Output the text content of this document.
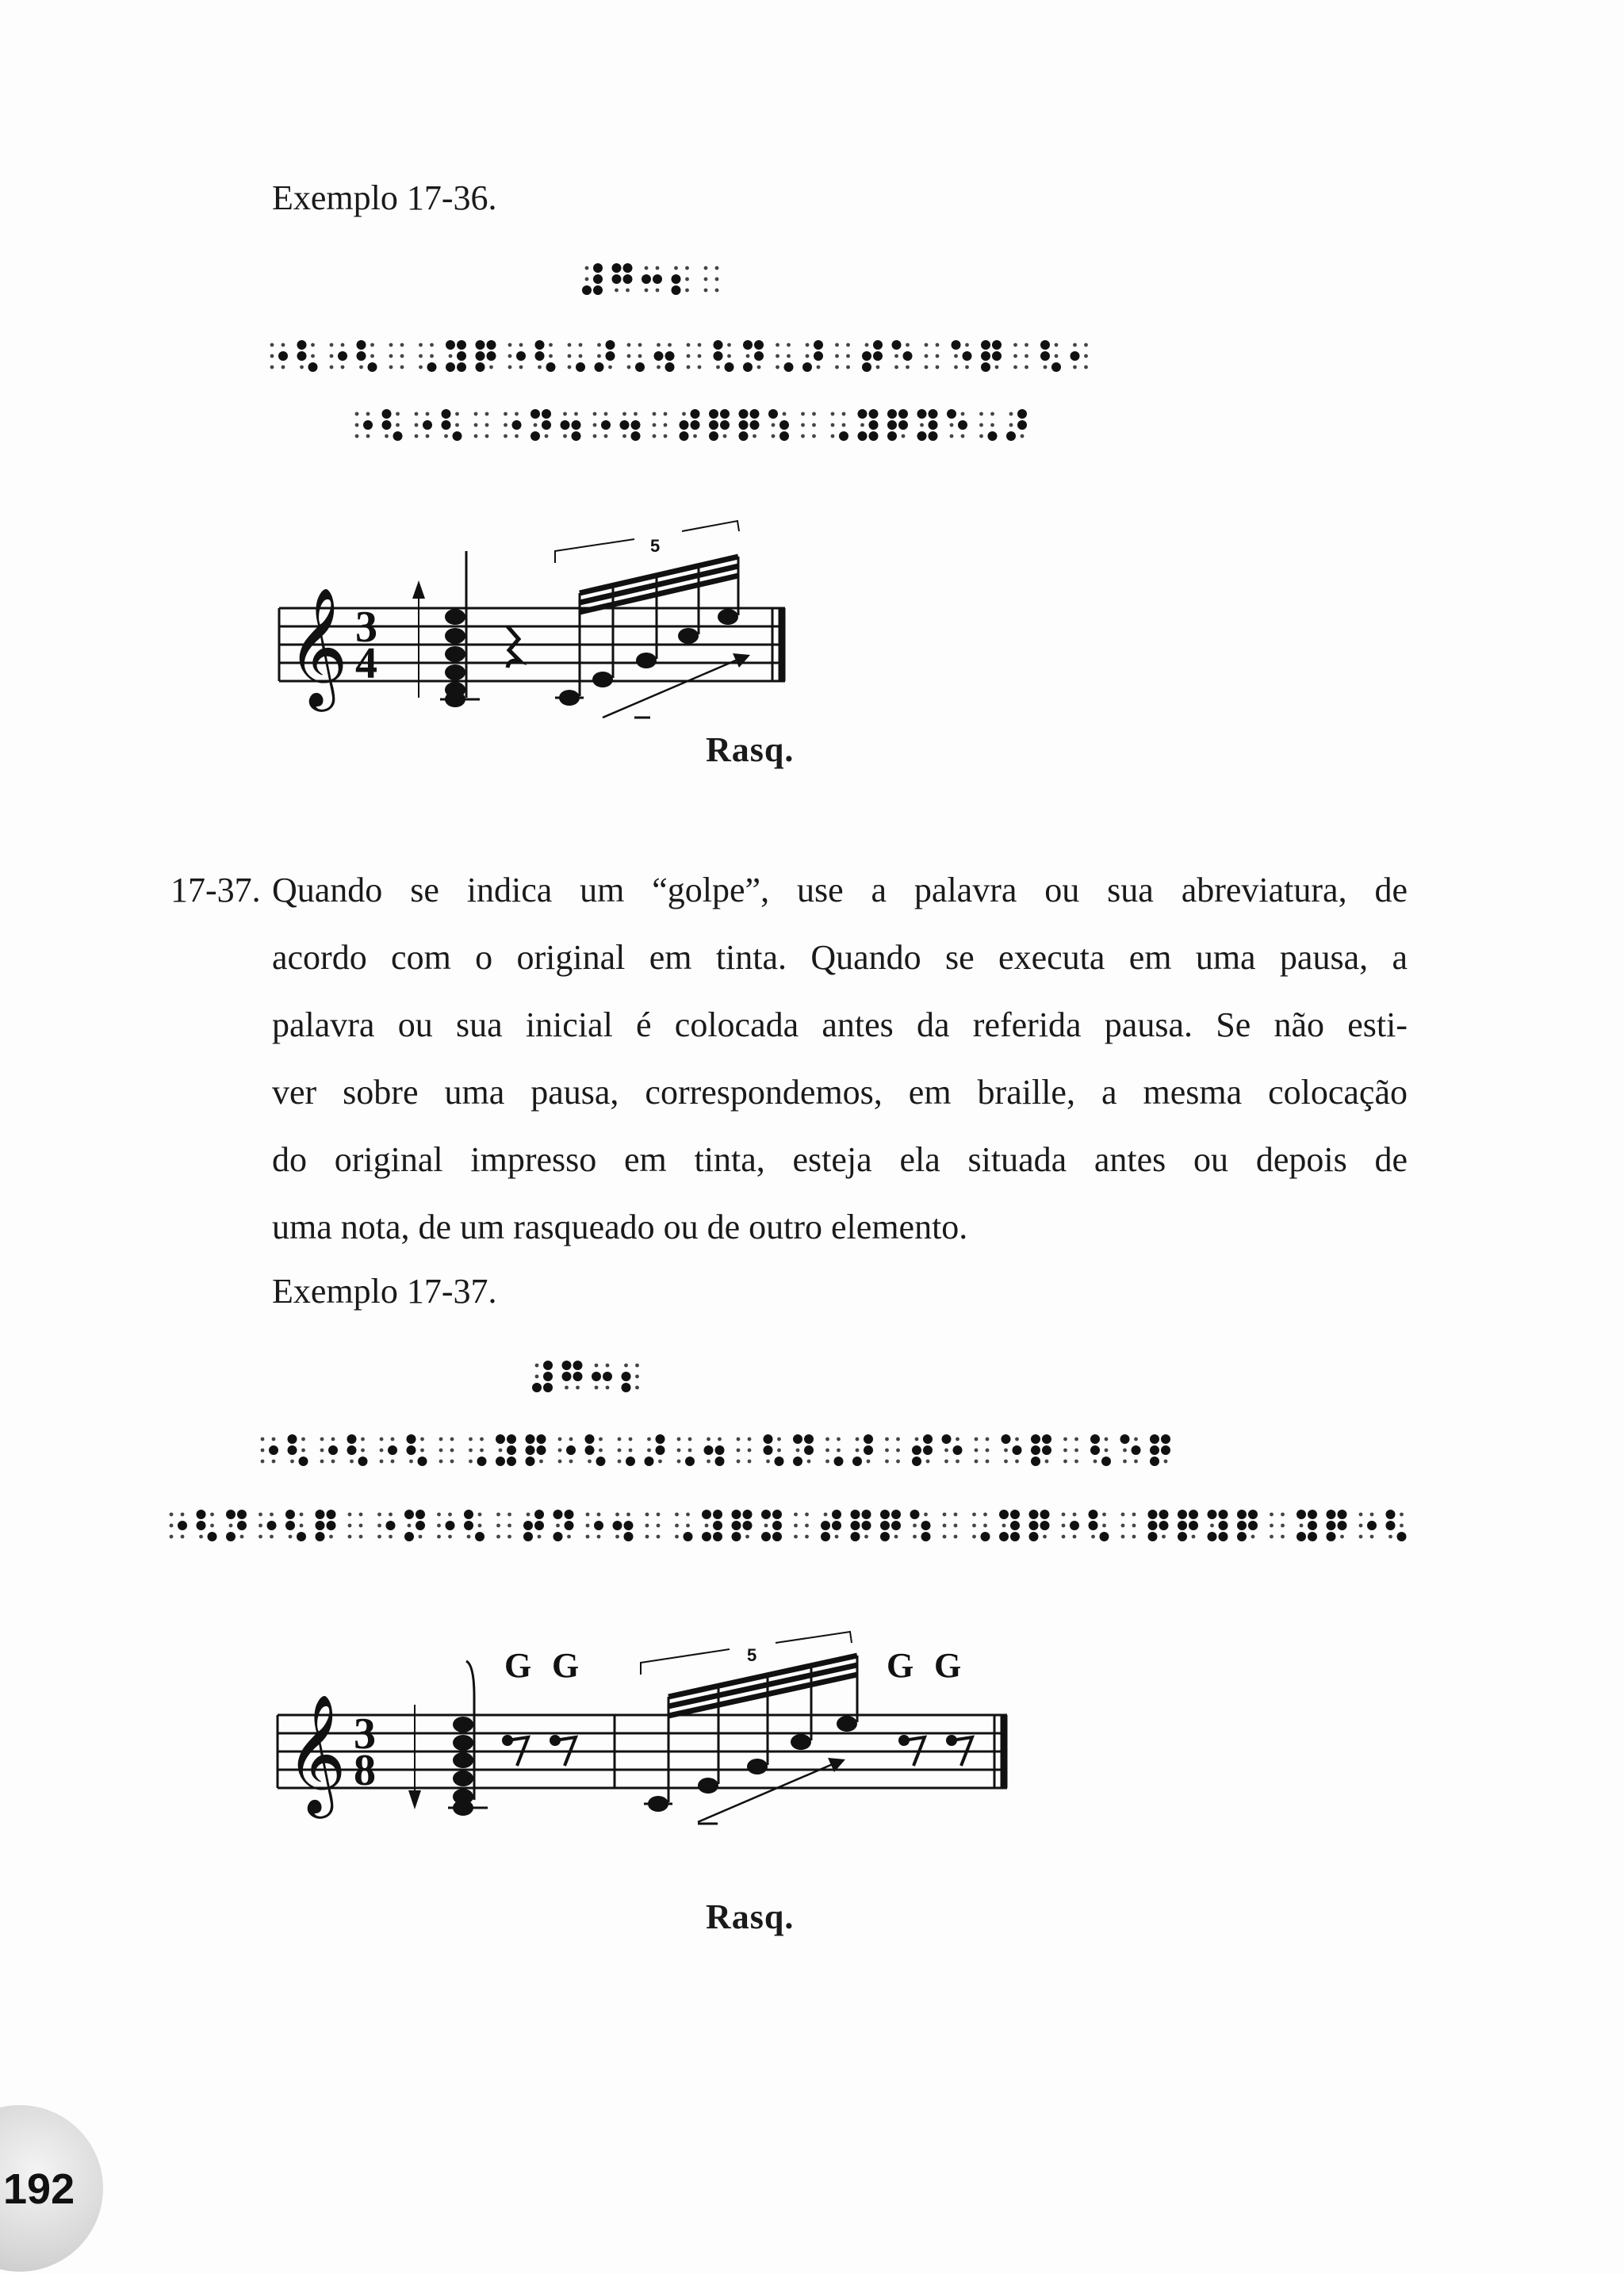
Exemplo 17-36.
𝄞 3
4
5
Rasq.
17-37. Quando se indica um “golpe”, use a palavra ou sua abreviatura, de
acordo com o original em tinta. Quando se executa em uma pausa, a
palavra ou sua inicial é colocada antes da referida pausa. Se não esti-
ver sobre uma pausa, correspondemos, em braille, a mesma colocação
do original impresso em tinta, esteja ela situada antes ou depois de
uma nota, de um rasqueado ou de outro elemento.
Exemplo 17-37.
𝄞 3
8
G G	G G
5
Rasq.
192
